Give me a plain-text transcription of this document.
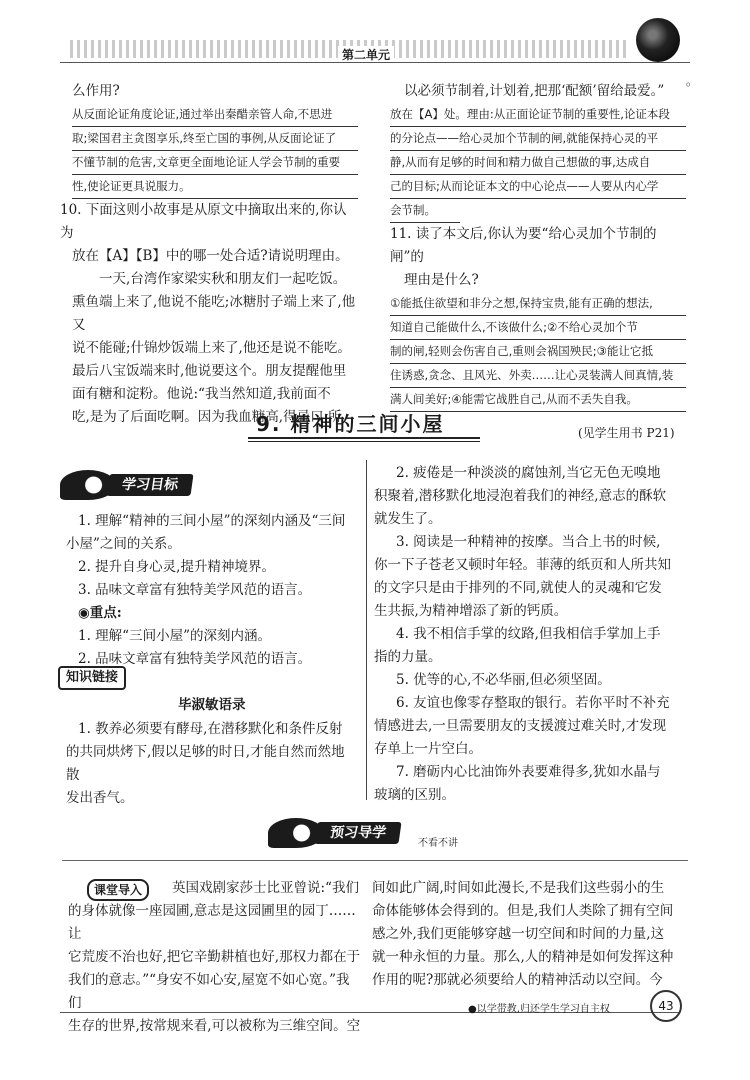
第二单元
。
么作用?
从反面论证角度论证,通过举出秦醋亲管人命,不思进
取;梁国君主贪图享乐,终至亡国的事例,从反面论证了
不懂节制的危害,文章更全面地论证人学会节制的重要
性,使论证更具说服力。
10. 下面这则小故事是从原文中摘取出来的,你认为
放在【A】【B】中的哪一处合适?请说明理由。
一天,台湾作家梁实秋和朋友们一起吃饭。
熏鱼端上来了,他说不能吃;冰糖肘子端上来了,他又
说不能碰;什锦炒饭端上来了,他还是说不能吃。
最后八宝饭端来时,他说要这个。朋友提醒他里
面有糖和淀粉。他说:“我当然知道,我前面不
吃,是为了后面吃啊。因为我血糖高,得忌口,所
以必须节制着,计划着,把那‘配额’留给最爱。”
放在【A】处。理由:从正面论证节制的重要性,论证本段
的分论点——给心灵加个节制的闸,就能保持心灵的平
静,从而有足够的时间和精力做自己想做的事,达成自
己的目标;从而论证本文的中心论点——人要从内心学
会节制。
11. 读了本文后,你认为要“给心灵加个节制的闸”的
理由是什么?
①能抵住欲望和非分之想,保持宝贵,能有正确的想法,
知道自己能做什么,不该做什么;②不给心灵加个节
制的闸,轻则会伤害自己,重则会祸国殃民;③能让它抵
住诱惑,贪念、且风光、外卖……让心灵装满人间真情,装
满人间美好;④能需它战胜自己,从而不丢失自我。
9. 精神的三间小屋	(见学生用书 P21)
学习目标
1. 理解“精神的三间小屋”的深刻内涵及“三间
小屋”之间的关系。
2. 提升自身心灵,提升精神境界。
3. 品味文章富有独特美学风范的语言。
◉重点:
1. 理解“三间小屋”的深刻内涵。
2. 品味文章富有独特美学风范的语言。
知识链接
毕淑敏语录
1. 教养必须要有酵母,在潜移默化和条件反射
的共同烘烤下,假以足够的时日,才能自然而然地散
发出香气。
2. 疲倦是一种淡淡的腐蚀剂,当它无色无嗅地
积聚着,潜移默化地浸泡着我们的神经,意志的酥软
就发生了。
3. 阅读是一种精神的按摩。当合上书的时候,
你一下子苍老又顿时年轻。菲薄的纸页和人所共知
的文字只是由于排列的不同,就使人的灵魂和它发
生共振,为精神增添了新的钙质。
4. 我不相信手掌的纹路,但我相信手掌加上手
指的力量。
5. 优等的心,不必华丽,但必须坚固。
6. 友谊也像零存整取的银行。若你平时不补充
情感进去,一旦需要朋友的支援渡过难关时,才发现
存单上一片空白。
7. 磨砺内心比油饰外表要难得多,犹如水晶与
玻璃的区别。
预习导学
不看不讲
课堂导入	英国戏剧家莎士比亚曾说:“我们
的身体就像一座园圃,意志是这园圃里的园丁……让
它荒废不治也好,把它辛勤耕植也好,那权力都在于
我们的意志。”“身安不如心安,屋宽不如心宽。”我们
生存的世界,按常规来看,可以被称为三维空间。空
间如此广阔,时间如此漫长,不是我们这些弱小的生
命体能够体会得到的。但是,我们人类除了拥有空间
感之外,我们更能够穿越一切空间和时间的力量,这
就一种永恒的力量。那么,人的精神是如何发挥这种
作用的呢?那就必须要给人的精神活动以空间。今
●以学带教,归还学生学习自主权	43
